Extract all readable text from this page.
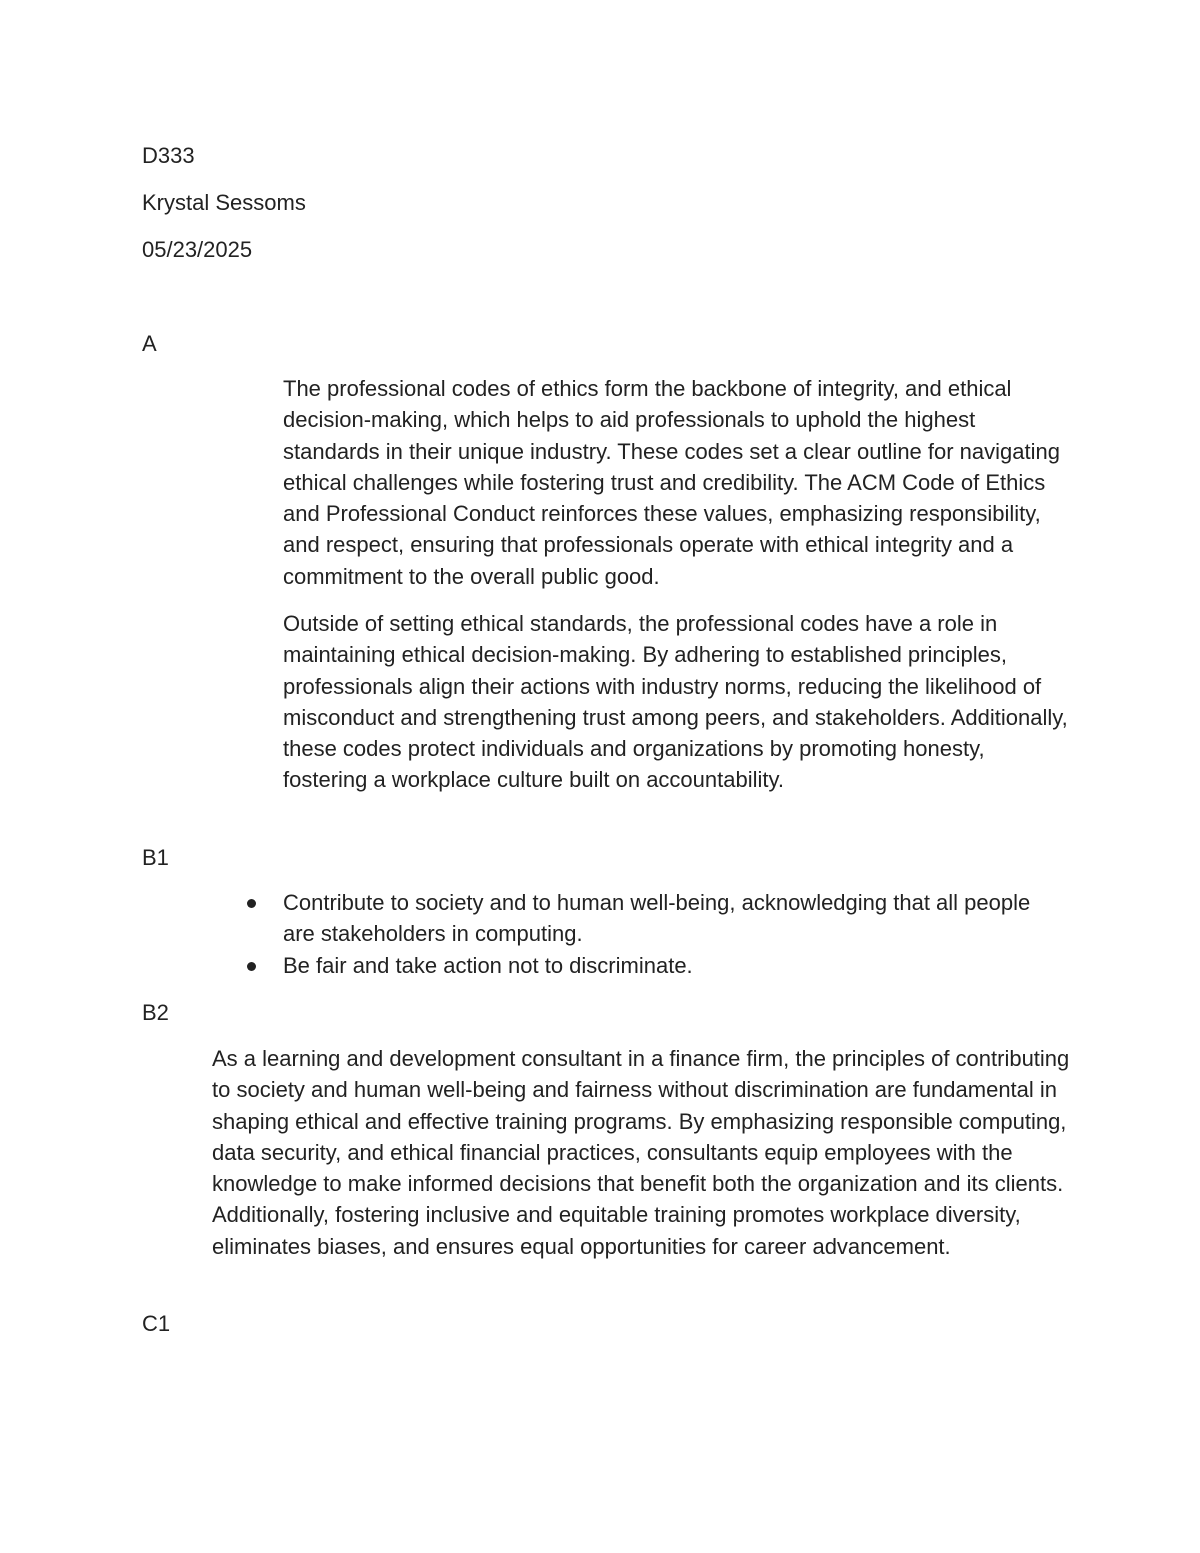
D333
Krystal Sessoms
05/23/2025
A

The professional codes of ethics form the backbone of integrity, and ethical decision-making, which helps to aid professionals to uphold the highest standards in their unique industry. These codes set a clear outline for navigating ethical challenges while fostering trust and credibility. The ACM Code of Ethics and Professional Conduct reinforces these values, emphasizing responsibility, and respect, ensuring that professionals operate with ethical integrity and a commitment to the overall public good.

Outside of setting ethical standards, the professional codes have a role in maintaining ethical decision-making. By adhering to established principles, professionals align their actions with industry norms, reducing the likelihood of misconduct and strengthening trust among peers, and stakeholders. Additionally, these codes protect individuals and organizations by promoting honesty, fostering a workplace culture built on accountability.

B1
Contribute to society and to human well-being, acknowledging that all people are stakeholders in computing.
Be fair and take action not to discriminate.
B2

As a learning and development consultant in a finance firm, the principles of contributing to society and human well-being and fairness without discrimination are fundamental in shaping ethical and effective training programs. By emphasizing responsible computing, data security, and ethical financial practices, consultants equip employees with the knowledge to make informed decisions that benefit both the organization and its clients. Additionally, fostering inclusive and equitable training promotes workplace diversity, eliminates biases, and ensures equal opportunities for career advancement.

C1
